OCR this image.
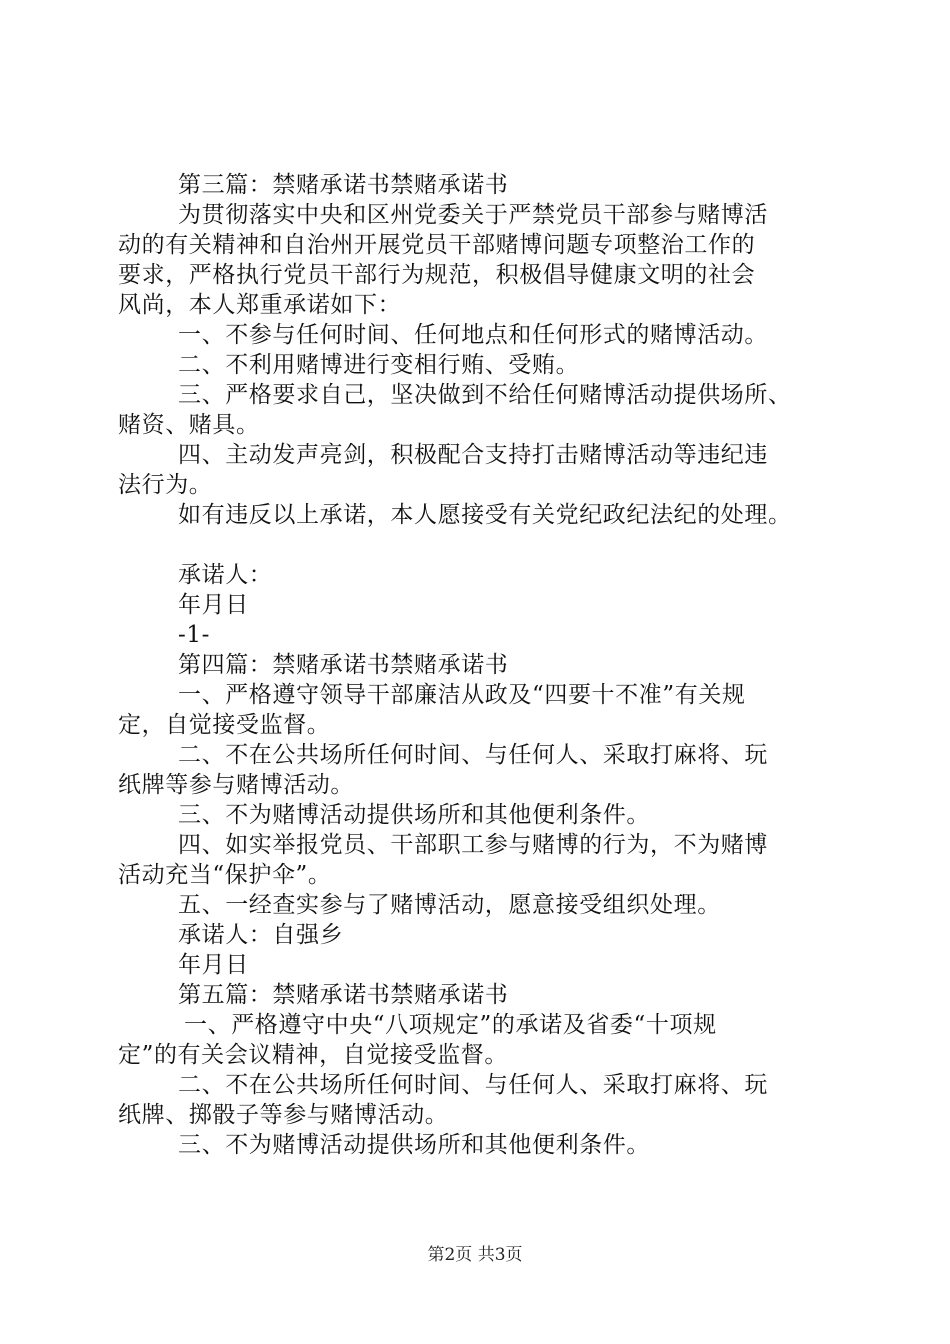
第三篇：禁赌承诺书禁赌承诺书
为贯彻落实中央和区州党委关于严禁党员干部参与赌博活
动的有关精神和自治州开展党员干部赌博问题专项整治工作的
要求，严格执行党员干部行为规范，积极倡导健康文明的社会
风尚，本人郑重承诺如下：
一、不参与任何时间、任何地点和任何形式的赌博活动。
二、不利用赌博进行变相行贿、受贿。
三、严格要求自己，坚决做到不给任何赌博活动提供场所、
赌资、赌具。
四、主动发声亮剑，积极配合支持打击赌博活动等违纪违
法行为。
如有违反以上承诺，本人愿接受有关党纪政纪法纪的处理。
承诺人：
年月日
-1-
第四篇：禁赌承诺书禁赌承诺书
一、严格遵守领导干部廉洁从政及“四要十不准”有关规
定，自觉接受监督。
二、不在公共场所任何时间、与任何人、采取打麻将、玩
纸牌等参与赌博活动。
三、不为赌博活动提供场所和其他便利条件。
四、如实举报党员、干部职工参与赌博的行为，不为赌博
活动充当“保护伞”。
五、一经查实参与了赌博活动，愿意接受组织处理。
承诺人：自强乡
年月日
第五篇：禁赌承诺书禁赌承诺书
一、严格遵守中央“八项规定”的承诺及省委“十项规
定”的有关会议精神，自觉接受监督。
二、不在公共场所任何时间、与任何人、采取打麻将、玩
纸牌、掷骰子等参与赌博活动。
三、不为赌博活动提供场所和其他便利条件。
第2页 共3页
